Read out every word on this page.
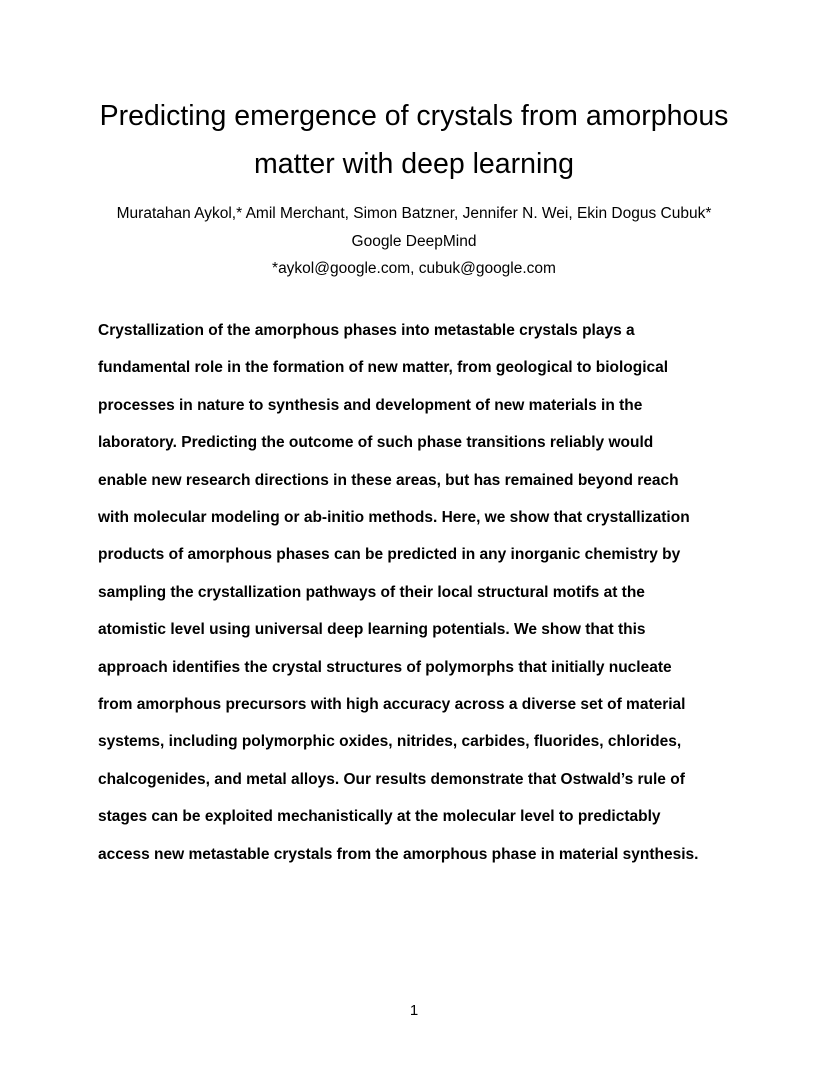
Predicting emergence of crystals from amorphous
matter with deep learning
Muratahan Aykol,* Amil Merchant, Simon Batzner, Jennifer N. Wei, Ekin Dogus Cubuk*
Google DeepMind
*aykol@google.com, cubuk@google.com
Crystallization of the amorphous phases into metastable crystals plays a
fundamental role in the formation of new matter, from geological to biological
processes in nature to synthesis and development of new materials in the
laboratory. Predicting the outcome of such phase transitions reliably would
enable new research directions in these areas, but has remained beyond reach
with molecular modeling or ab-initio methods. Here, we show that crystallization
products of amorphous phases can be predicted in any inorganic chemistry by
sampling the crystallization pathways of their local structural motifs at the
atomistic level using universal deep learning potentials. We show that this
approach identifies the crystal structures of polymorphs that initially nucleate
from amorphous precursors with high accuracy across a diverse set of material
systems, including polymorphic oxides, nitrides, carbides, fluorides, chlorides,
chalcogenides, and metal alloys. Our results demonstrate that Ostwald’s rule of
stages can be exploited mechanistically at the molecular level to predictably
access new metastable crystals from the amorphous phase in material synthesis.
1
